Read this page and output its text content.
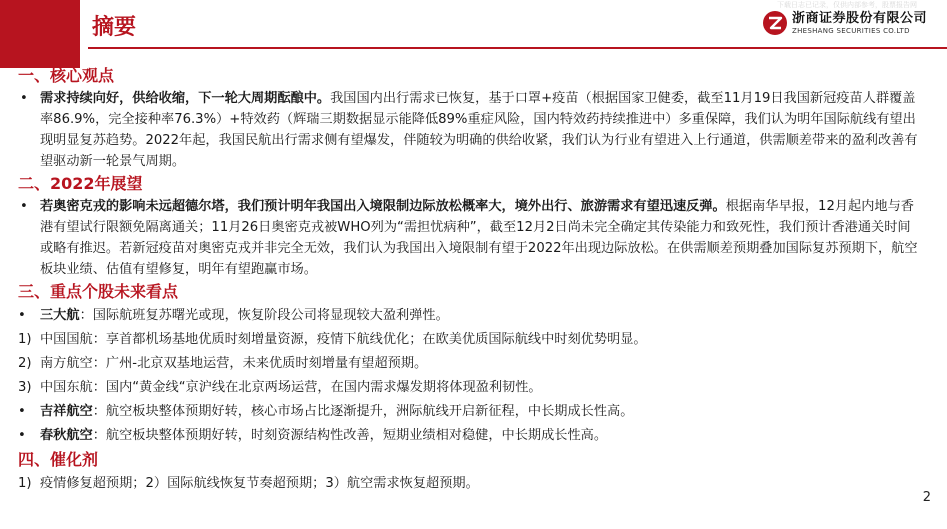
摘要
下载日志已记录，仅供内部参考，股票报告网
浙商证券股份有限公司
ZHESHANG SECURITIES CO.LTD
一、核心观点

• 需求持续向好，供给收缩，下一轮大周期酝酿中。我国国内出行需求已恢复，基于口罩+疫苗（根据国家卫健委，截至11月19日我国新冠疫苗人群覆盖率86.9%，完全接种率76.3%）+特效药（辉瑞三期数据显示能降低89%重症风险，国内特效药持续推进中）多重保障，我们认为明年国际航线有望出现明显复苏趋势。2022年起，我国民航出行需求侧有望爆发，伴随较为明确的供给收紧，我们认为行业有望进入上行通道，供需顺差带来的盈利改善有望驱动新一轮景气周期。

二、2022年展望

• 若奥密克戎的影响未远超德尔塔，我们预计明年我国出入境限制边际放松概率大，境外出行、旅游需求有望迅速反弹。根据南华早报，12月起内地与香港有望试行限额免隔离通关；11月26日奥密克戎被WHO列为“需担忧病种”，截至12月2日尚未完全确定其传染能力和致死性，我们预计香港通关时间或略有推迟。若新冠疫苗对奥密克戎并非完全无效，我们认为我国出入境限制有望于2022年出现边际放松。在供需顺差预期叠加国际复苏预期下，航空板块业绩、估值有望修复，明年有望跑赢市场。

三、重点个股未来看点
• 三大航：国际航班复苏曙光或现，恢复阶段公司将显现较大盈利弹性。
1) 中国国航：享首都机场基地优质时刻增量资源，疫情下航线优化；在欧美优质国际航线中时刻优势明显。
2) 南方航空：广州-北京双基地运营，未来优质时刻增量有望超预期。
3) 中国东航：国内“黄金线“京沪线在北京两场运营，在国内需求爆发期将体现盈利韧性。
• 吉祥航空：航空板块整体预期好转，核心市场占比逐渐提升，洲际航线开启新征程，中长期成长性高。
• 春秋航空：航空板块整体预期好转，时刻资源结构性改善，短期业绩相对稳健，中长期成长性高。
四、催化剂
1) 疫情修复超预期；2）国际航线恢复节奏超预期；3）航空需求恢复超预期。
2
